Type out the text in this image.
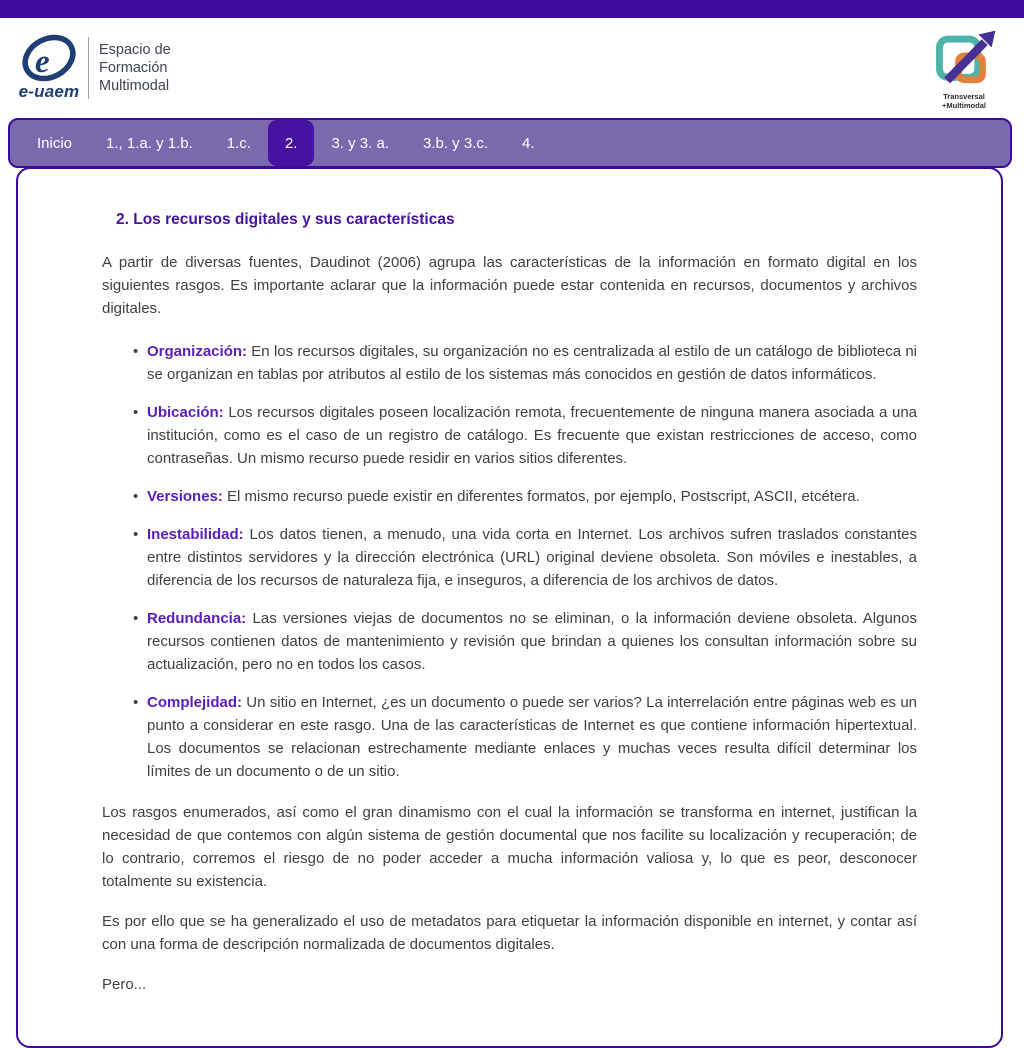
e
e-uaem
Espacio de
Formación
Multimodal
Transversal
+Multimodal
Inicio	1., 1.a. y 1.b.	1.c.	2.	3. y 3. a.	3.b. y 3.c.	4.
2. Los recursos digitales y sus características

A partir de diversas fuentes, Daudinot (2006) agrupa las características de la información en formato digital en los siguientes rasgos. Es importante aclarar que la información puede estar contenida en recursos, documentos y archivos digitales.

• Organización: En los recursos digitales, su organización no es centralizada al estilo de un catálogo de biblioteca ni se organizan en tablas por atributos al estilo de los sistemas más conocidos en gestión de datos informáticos.
• Ubicación: Los recursos digitales poseen localización remota, frecuentemente de ninguna manera asociada a una institución, como es el caso de un registro de catálogo. Es frecuente que existan restricciones de acceso, como contraseñas. Un mismo recurso puede residir en varios sitios diferentes.
• Versiones: El mismo recurso puede existir en diferentes formatos, por ejemplo, Postscript, ASCII, etcétera.
• Inestabilidad: Los datos tienen, a menudo, una vida corta en Internet. Los archivos sufren traslados constantes entre distintos servidores y la dirección electrónica (URL) original deviene obsoleta. Son móviles e inestables, a diferencia de los recursos de naturaleza fija, e inseguros, a diferencia de los archivos de datos.
• Redundancia: Las versiones viejas de documentos no se eliminan, o la información deviene obsoleta. Algunos recursos contienen datos de mantenimiento y revisión que brindan a quienes los consultan información sobre su actualización, pero no en todos los casos.
• Complejidad: Un sitio en Internet, ¿es un documento o puede ser varios? La interrelación entre páginas web es un punto a considerar en este rasgo. Una de las características de Internet es que contiene información hipertextual. Los documentos se relacionan estrechamente mediante enlaces y muchas veces resulta difícil determinar los límites de un documento o de un sitio.

Los rasgos enumerados, así como el gran dinamismo con el cual la información se transforma en internet, justifican la necesidad de que contemos con algún sistema de gestión documental que nos facilite su localización y recuperación; de lo contrario, corremos el riesgo de no poder acceder a mucha información valiosa y, lo que es peor, desconocer totalmente su existencia.

Es por ello que se ha generalizado el uso de metadatos para etiquetar la información disponible en internet, y contar así con una forma de descripción normalizada de documentos digitales.

Pero...
